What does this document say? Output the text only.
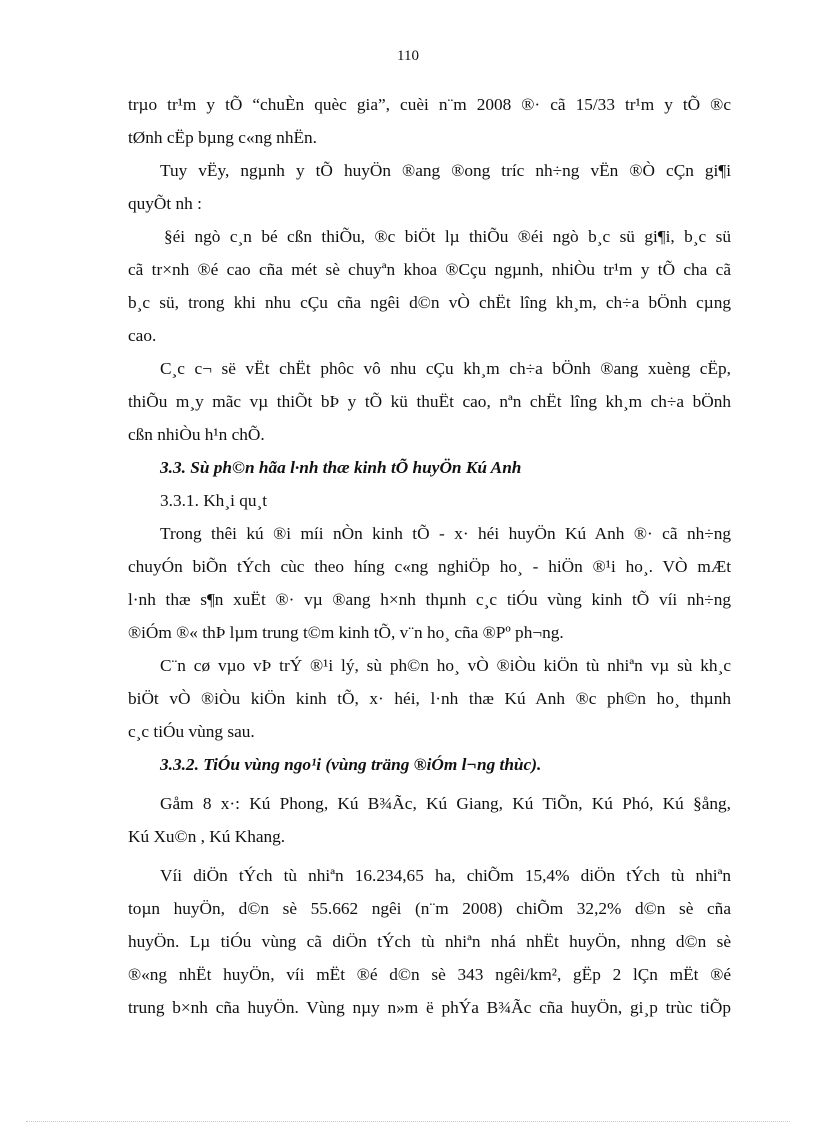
110
trµo tr¹m y tÕ “chuÈn quèc gia”, cuèi n¨m 2008 ®· cã 15/33 tr¹m y tÕ ®c
tØnh cËp bµng c«ng nhËn.
Tuy vËy, ngµnh y tÕ huyÖn ®ang ®ong tríc nh÷ng vËn ®Ò cÇn gi¶i
quyÕt nh :
§éi ngò c¸n bé cßn thiÕu, ®c biÖt lµ thiÕu ®éi ngò b¸c sü gi¶i, b¸c sü
cã tr×nh ®é cao cña mét sè chuyªn khoa ®Cçu ngµnh, nhiÒu tr¹m y tÕ cha cã
b¸c sü, trong khi nhu cÇu cña ngêi d©n vÒ chËt lîng kh¸m, ch÷a bÖnh cµng
cao.
C¸c c¬ së vËt chËt phôc vô nhu cÇu kh¸m ch÷a bÖnh ®ang xuèng cËp,
thiÕu m¸y mãc vµ thiÕt bÞ y tÕ kü thuËt cao, nªn chËt lîng kh¸m ch÷a bÖnh
cßn nhiÒu h¹n chÕ.
3.3. Sù ph©n hãa l·nh thæ kinh tÕ huyÖn Kú Anh
3.3.1. Kh¸i qu¸t
Trong thêi kú ®i míi nÒn kinh tÕ - x· héi huyÖn Kú Anh ®· cã nh÷ng
chuyÓn biÕn tÝch cùc theo híng c«ng nghiÖp ho¸ - hiÖn ®¹i ho¸. VÒ mÆt
l·nh thæ s¶n xuËt ®· vµ ®ang h×nh thµnh c¸c tiÓu vùng kinh tÕ víi nh÷ng
®iÓm ®« thÞ lµm trung t©m kinh tÕ, v¨n ho¸ cña ®Pº ph¬ng.
C¨n cø vµo vÞ trÝ ®¹i lý, sù ph©n ho¸ vÒ ®iÒu kiÖn tù nhiªn vµ sù kh¸c
biÖt vÒ ®iÒu kiÖn kinh tÕ, x· héi, l·nh thæ Kú Anh ®c ph©n ho¸ thµnh
c¸c tiÓu vùng sau.
3.3.2. TiÓu vùng ngo¹i (vùng träng ®iÓm l¬ng thùc).
Gåm 8 x·: Kú Phong, Kú B¾Ãc, Kú Giang, Kú TiÕn, Kú Phó, Kú §ång,
Kú Xu©n , Kú Khang.
Víi diÖn tÝch tù nhiªn 16.234,65 ha, chiÕm 15,4% diÖn tÝch tù nhiªn
toµn huyÖn, d©n sè 55.662 ngêi (n¨m 2008) chiÕm 32,2% d©n sè cña
huyÖn. Lµ tiÓu vùng cã diÖn tÝch tù nhiªn nhá nhËt huyÖn, nhng d©n sè
®«ng nhËt huyÖn, víi mËt ®é d©n sè 343 ngêi/km², gËp 2 lÇn mËt ®é
trung b×nh cña huyÖn. Vùng nµy n»m ë phÝa B¾Ãc cña huyÖn, gi¸p trùc tiÕp
